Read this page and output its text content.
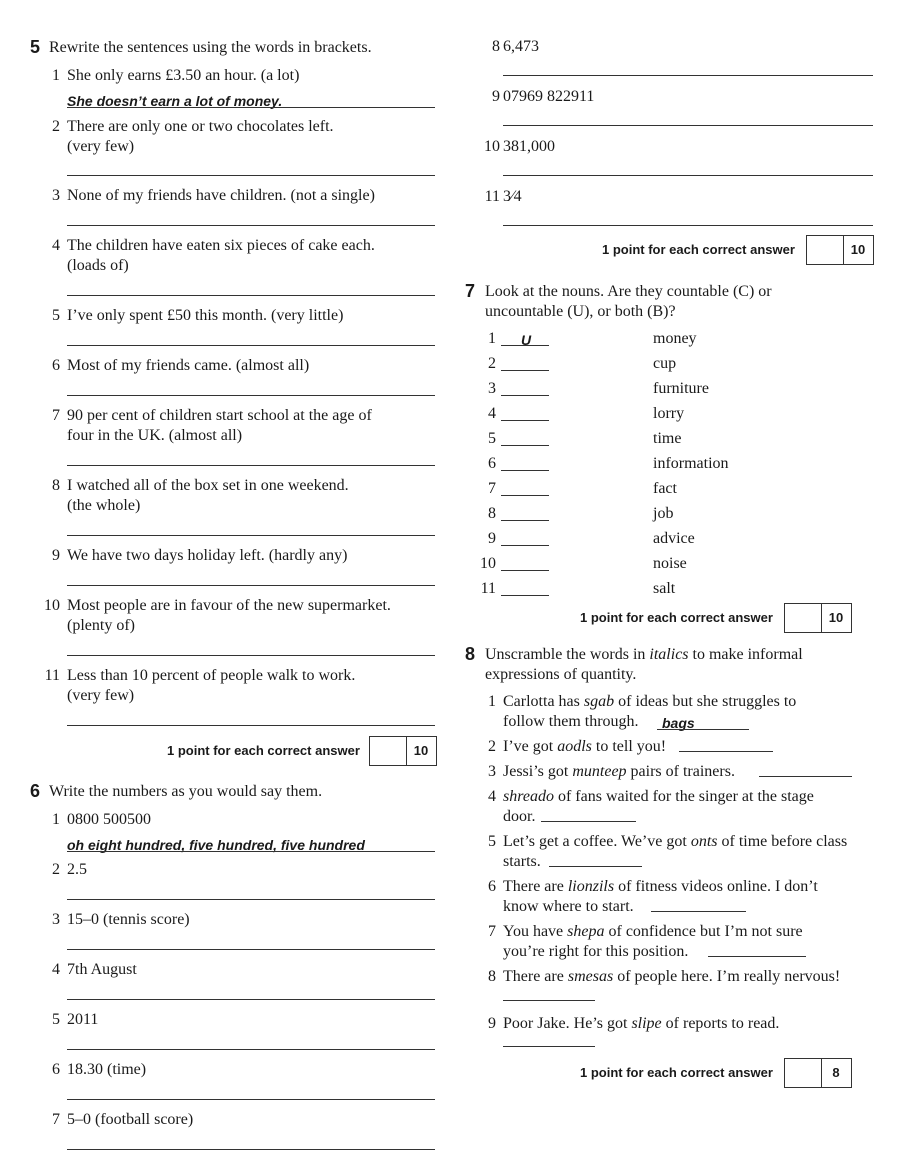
5 Rewrite the sentences using the words in brackets.
1 She only earns £3.50 an hour. (a lot)
She doesn’t earn a lot of money.
2 There are only one or two chocolates left.
(very few)
3 None of my friends have children. (not a single)
4 The children have eaten six pieces of cake each.
(loads of)
5 I’ve only spent £50 this month. (very little)
6 Most of my friends came. (almost all)
7 90 per cent of children start school at the age of
four in the UK. (almost all)
8 I watched all of the box set in one weekend.
(the whole)
9 We have two days holiday left. (hardly any)
10 Most people are in favour of the new supermarket.
(plenty of)
11 Less than 10 percent of people walk to work.
(very few)
1 point for each correct answer	10
6 Write the numbers as you would say them.
1 0800 500500
oh eight hundred, five hundred, five hundred
2 2.5
3 15–0 (tennis score)
4 7th August
5 2011
6 18.30 (time)
7 5–0 (football score)
8 6,473
9 07969 822911
10 381,000
11 3⁄4
1 point for each correct answer	10
7 Look at the nouns. Are they countable (C) or
uncountable (U), or both (B)?
1 U	money
2	cup
3	furniture
4	lorry
5	time
6	information
7	fact
8	job
9	advice
10	noise
11	salt
1 point for each correct answer	10
8 Unscramble the words in italics to make informal
expressions of quantity.
1 Carlotta has sgab of ideas but she struggles to
follow them through. bags
2 I’ve got aodls to tell you!
3 Jessi’s got munteep pairs of trainers.
4 shreado of fans waited for the singer at the stage
door.
5 Let’s get a coffee. We’ve got onts of time before class
starts.
6 There are lionzils of fitness videos online. I don’t
know where to start.
7 You have shepa of confidence but I’m not sure
you’re right for this position.
8 There are smesas of people here. I’m really nervous!
9 Poor Jake. He’s got slipe of reports to read.
1 point for each correct answer	8
